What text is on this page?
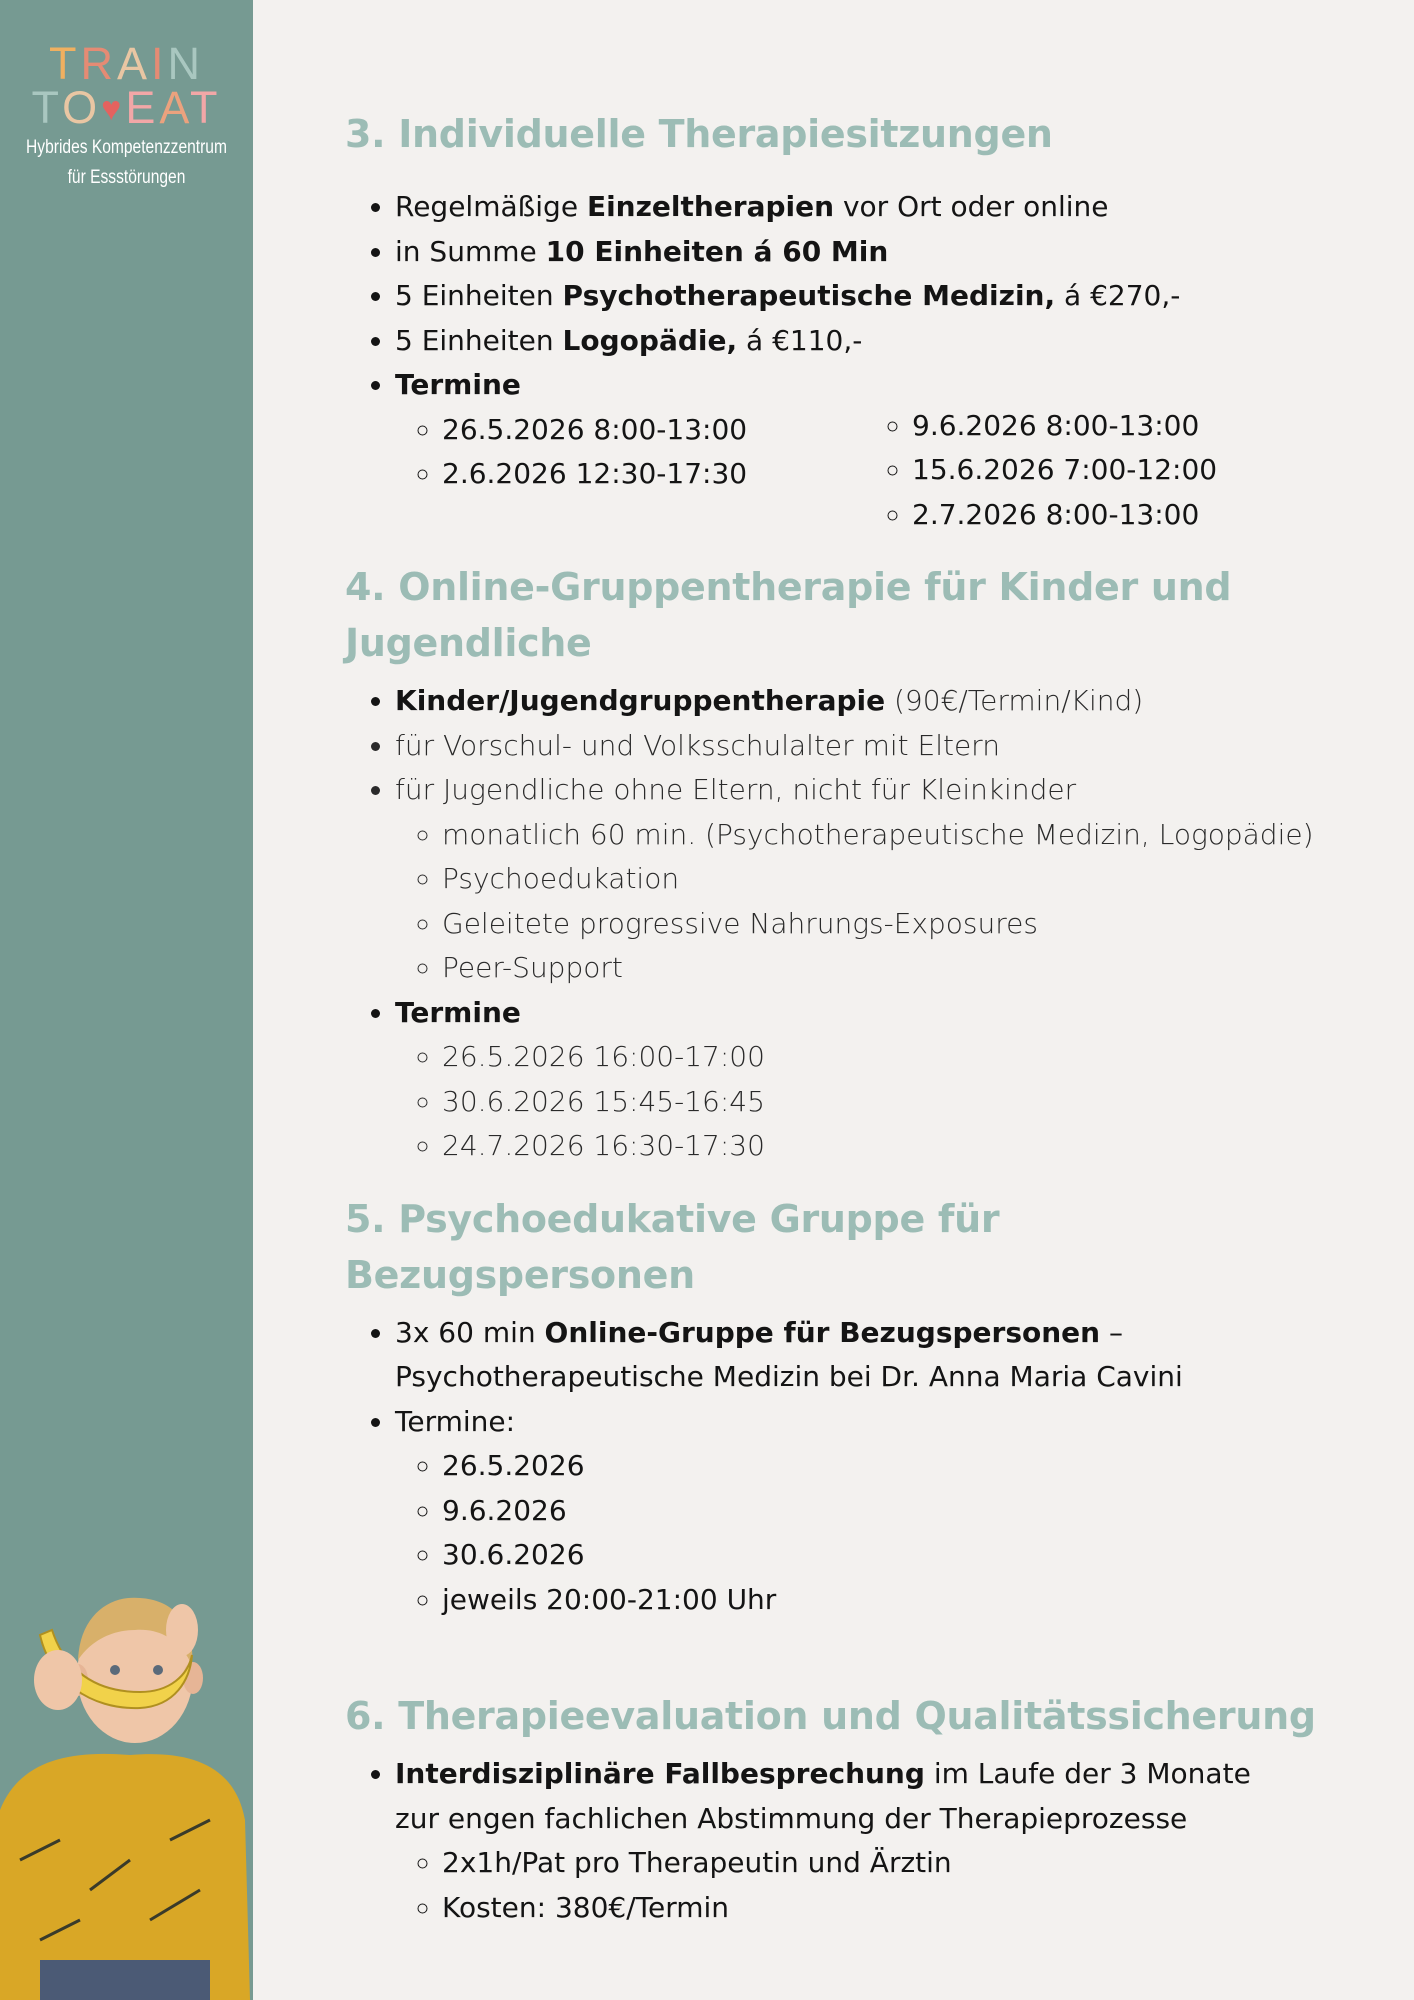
TRAIN
TO♥EAT
Hybrides Kompetenzzentrum
für Essstörungen
3. Individuelle Therapiesitzungen
• Regelmäßige Einzeltherapien vor Ort oder online
• in Summe 10 Einheiten á 60 Min
• 5 Einheiten Psychotherapeutische Medizin, á €270,-
• 5 Einheiten Logopädie, á €110,-
• Termine
◦ 26.5.2026 8:00-13:00
◦ 2.6.2026 12:30-17:30
◦ 9.6.2026 8:00-13:00
◦ 15.6.2026 7:00-12:00
◦ 2.7.2026 8:00-13:00
4. Online-Gruppentherapie für Kinder und
Jugendliche
• Kinder/Jugendgruppentherapie (90€/Termin/Kind)
• für Vorschul- und Volksschulalter mit Eltern
• für Jugendliche ohne Eltern, nicht für Kleinkinder
◦ monatlich 60 min. (Psychotherapeutische Medizin, Logopädie)
◦ Psychoedukation
◦ Geleitete progressive Nahrungs-Exposures
◦ Peer-Support
• Termine
◦ 26.5.2026 16:00-17:00
◦ 30.6.2026 15:45-16:45
◦ 24.7.2026 16:30-17:30
5. Psychoedukative Gruppe für Bezugspersonen
• 3x 60 min Online-Gruppe für Bezugspersonen –
Psychotherapeutische Medizin bei Dr. Anna Maria Cavini
• Termine:
◦ 26.5.2026
◦ 9.6.2026
◦ 30.6.2026
◦ jeweils 20:00-21:00 Uhr
6. Therapieevaluation und Qualitätssicherung
• Interdisziplinäre Fallbesprechung im Laufe der 3 Monate
zur engen fachlichen Abstimmung der Therapieprozesse
◦ 2x1h/Pat pro Therapeutin und Ärztin
◦ Kosten: 380€/Termin
